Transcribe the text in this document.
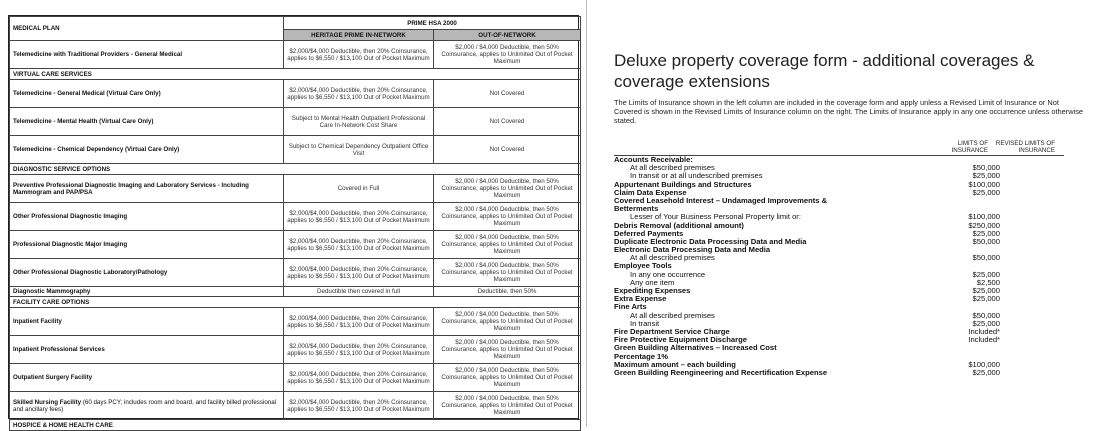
MEDICAL PLAN	PRIME HSA 2000	
	HERITAGE PRIME IN-NETWORK	OUT-OF-NETWORK
Telemedicine with Traditional Providers - General Medical	$2,000/$4,000 Deductible, then 20% Coinsurance, applies to $6,550 / $13,100 Out of Pocket Maximum	$2,000 / $4,000 Deductible, then 50% Coinsurance, applies to Unlimited Out of Pocket Maximum
VIRTUAL CARE SERVICES		
Telemedicine - General Medical (Virtual Care Only)	$2,000/$4,000 Deductible, then 20% Coinsurance, applies to $6,550 / $13,100 Out of Pocket Maximum	Not Covered
Telemedicine - Mental Health (Virtual Care Only)	Subject to Mental Health Outpatient Professional Care In-Network Cost Share	Not Covered
Telemedicine - Chemical Dependency (Virtual Care Only)	Subject to Chemical Dependency Outpatient Office Visit	Not Covered
DIAGNOSTIC SERVICE OPTIONS		
Preventive Professional Diagnostic Imaging and Laboratory Services - Including Mammogram and PAP/PSA	Covered in Full	$2,000 / $4,000 Deductible, then 50% Coinsurance, applies to Unlimited Out of Pocket Maximum
Other Professional Diagnostic Imaging	$2,000/$4,000 Deductible, then 20% Coinsurance, applies to $6,550 / $13,100 Out of Pocket Maximum	$2,000 / $4,000 Deductible, then 50% Coinsurance, applies to Unlimited Out of Pocket Maximum
Professional Diagnostic Major Imaging	$2,000/$4,000 Deductible, then 20% Coinsurance, applies to $6,550 / $13,100 Out of Pocket Maximum	$2,000 / $4,000 Deductible, then 50% Coinsurance, applies to Unlimited Out of Pocket Maximum
Other Professional Diagnostic Laboratory/Pathology	$2,000/$4,000 Deductible, then 20% Coinsurance, applies to $6,550 / $13,100 Out of Pocket Maximum	$2,000 / $4,000 Deductible, then 50% Coinsurance, applies to Unlimited Out of Pocket Maximum
Diagnostic Mammography	Deductible then covered in full	Deductible, then 50%
FACILITY CARE OPTIONS		
Inpatient Facility	$2,000/$4,000 Deductible, then 20% Coinsurance, applies to $6,550 / $13,100 Out of Pocket Maximum	$2,000 / $4,000 Deductible, then 50% Coinsurance, applies to Unlimited Out of Pocket Maximum
Inpatient Professional Services	$2,000/$4,000 Deductible, then 20% Coinsurance, applies to $6,550 / $13,100 Out of Pocket Maximum	$2,000 / $4,000 Deductible, then 50% Coinsurance, applies to Unlimited Out of Pocket Maximum
Outpatient Surgery Facility	$2,000/$4,000 Deductible, then 20% Coinsurance, applies to $6,550 / $13,100 Out of Pocket Maximum	$2,000 / $4,000 Deductible, then 50% Coinsurance, applies to Unlimited Out of Pocket Maximum
Skilled Nursing Facility (60 days PCY; includes room and board, and facility billed professional and ancillary fees)	$2,000/$4,000 Deductible, then 20% Coinsurance, applies to $6,550 / $13,100 Out of Pocket Maximum	$2,000 / $4,000 Deductible, then 50% Coinsurance, applies to Unlimited Out of Pocket Maximum
HOSPICE & HOME HEALTH CARE		
Deluxe property coverage form - additional coverages & coverage extensions
The Limits of Insurance shown in the left column are included in the coverage form and apply unless a Revised Limit of Insurance or Not Covered is shown in the Revised Limits of Insurance column on the right. The Limits of Insurance apply in any one occurrence unless otherwise stated.
LIMITS OF INSURANCE
REVISED LIMITS OF INSURANCE
Accounts Receivable:
At all described premises	$50,000
In transit or at all undescribed premises	$25,000
Appurtenant Buildings and Structures	$100,000
Claim Data Expense	$25,000
Covered Leasehold Interest – Undamaged Improvements &
Betterments
Lesser of Your Business Personal Property limit or:	$100,000
Debris Removal (additional amount)	$250,000
Deferred Payments	$25,000
Duplicate Electronic Data Processing Data and Media	$50,000
Electronic Data Processing Data and Media
At all described premises	$50,000
Employee Tools
In any one occurrence	$25,000
Any one item	$2,500
Expediting Expenses	$25,000
Extra Expense	$25,000
Fine Arts
At all described premises	$50,000
In transit	$25,000
Fire Department Service Charge	Included*
Fire Protective Equipment Discharge	Included*
Green Building Alternatives – Increased Cost
Percentage 1%
Maximum amount – each building	$100,000
Green Building Reengineering and Recertification Expense	$25,000
